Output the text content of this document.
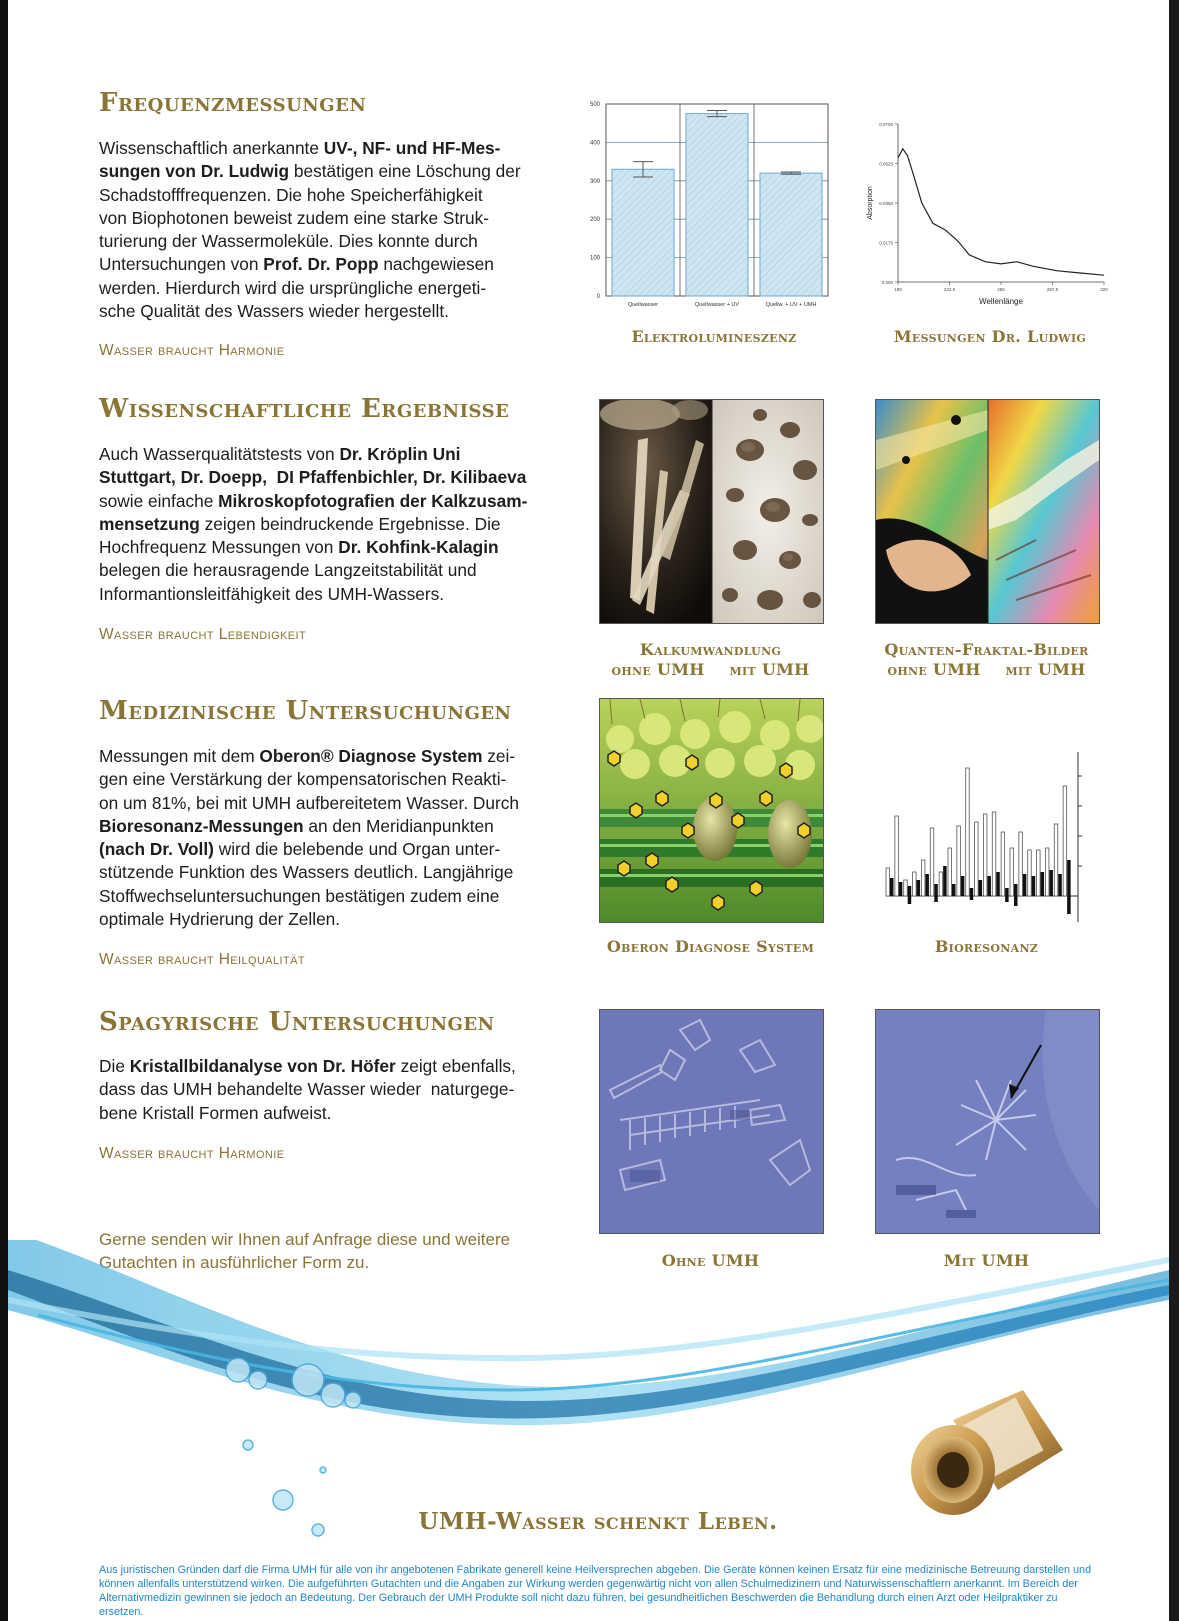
Frequenzmessungen

Wissenschaftlich anerkannte UV-, NF- und HF-Mes-
sungen von Dr. Ludwig bestätigen eine Löschung der
Schadstofffrequenzen. Die hohe Speicherfähigkeit
von Biophotonen beweist zudem eine starke Struk-
turierung der Wassermoleküle. Dies konnte durch
Untersuchungen von Prof. Dr. Popp nachgewiesen
werden. Hierdurch wird die ursprüngliche energeti-
sche Qualität des Wassers wieder hergestellt.

Wasser braucht Harmonie

0
100
200
300
400
500
Quellwasser	Quellwasser + UV	Quellw. + UV + UMH
Elektrolumineszenz
0.000
0.0175
0.0350
0.0525
0.0700
190	222.5	255	287.5	320
Wellenlänge
Absorption
Messungen Dr. Ludwig
Wissenschaftliche Ergebnisse

Auch Wasserqualitätstests von Dr. Kröplin Uni
Stuttgart, Dr. Doepp,  DI Pfaffenbichler, Dr. Kilibaeva
sowie einfache Mikroskopfotografien der Kalkzusam-
mensetzung zeigen beindruckende Ergebnisse. Die
Hochfrequenz Messungen von Dr. Kohfink-Kalagin
belegen die herausragende Langzeitstabilität und
Informantionsleitfähigkeit des UMH-Wassers.

Wasser braucht Lebendigkeit

Kalkumwandlung
ohne UMH mit UMH
Quanten-Fraktal-Bilder
ohne UMH mit UMH
Medizinische Untersuchungen

Messungen mit dem Oberon® Diagnose System zei-
gen eine Verstärkung der kompensatorischen Reakti-
on um 81%, bei mit UMH aufbereitetem Wasser. Durch
Bioresonanz-Messungen an den Meridianpunkten
(nach Dr. Voll) wird die belebende und Organ unter-
stützende Funktion des Wassers deutlich. Langjährige
Stoffwechseluntersuchungen bestätigen zudem eine
optimale Hydrierung der Zellen.

Wasser braucht Heilqualität

Oberon Diagnose System	Bioresonanz
Spagyrische Untersuchungen

Die Kristallbildanalyse von Dr. Höfer zeigt ebenfalls,
dass das UMH behandelte Wasser wieder  naturgege-
bene Kristall Formen aufweist.

Wasser braucht Harmonie

Ohne UMH	Mit UMH

Gerne senden wir Ihnen auf Anfrage diese und weitere Gutachten in ausführlicher Form zu.

UMH-Wasser schenkt Leben.

Aus juristischen Gründen darf die Firma UMH für alle von ihr angebotenen Fabrikate generell keine Heilversprechen abgeben. Die Geräte können keinen Ersatz für eine medizinische Betreuung darstellen und können allenfalls unterstützend wirken. Die aufgeführten Gutachten und die Angaben zur Wirkung werden gegenwärtig nicht von allen Schulmedizinern und Naturwissenschaftlern anerkannt. Im Bereich der Alternativmedizin gewinnen sie jedoch an Bedeutung. Der Gebrauch der UMH Produkte soll nicht dazu führen, bei gesundheitlichen Beschwerden die Behandlung durch einen Arzt oder Heilpraktiker zu ersetzen.
